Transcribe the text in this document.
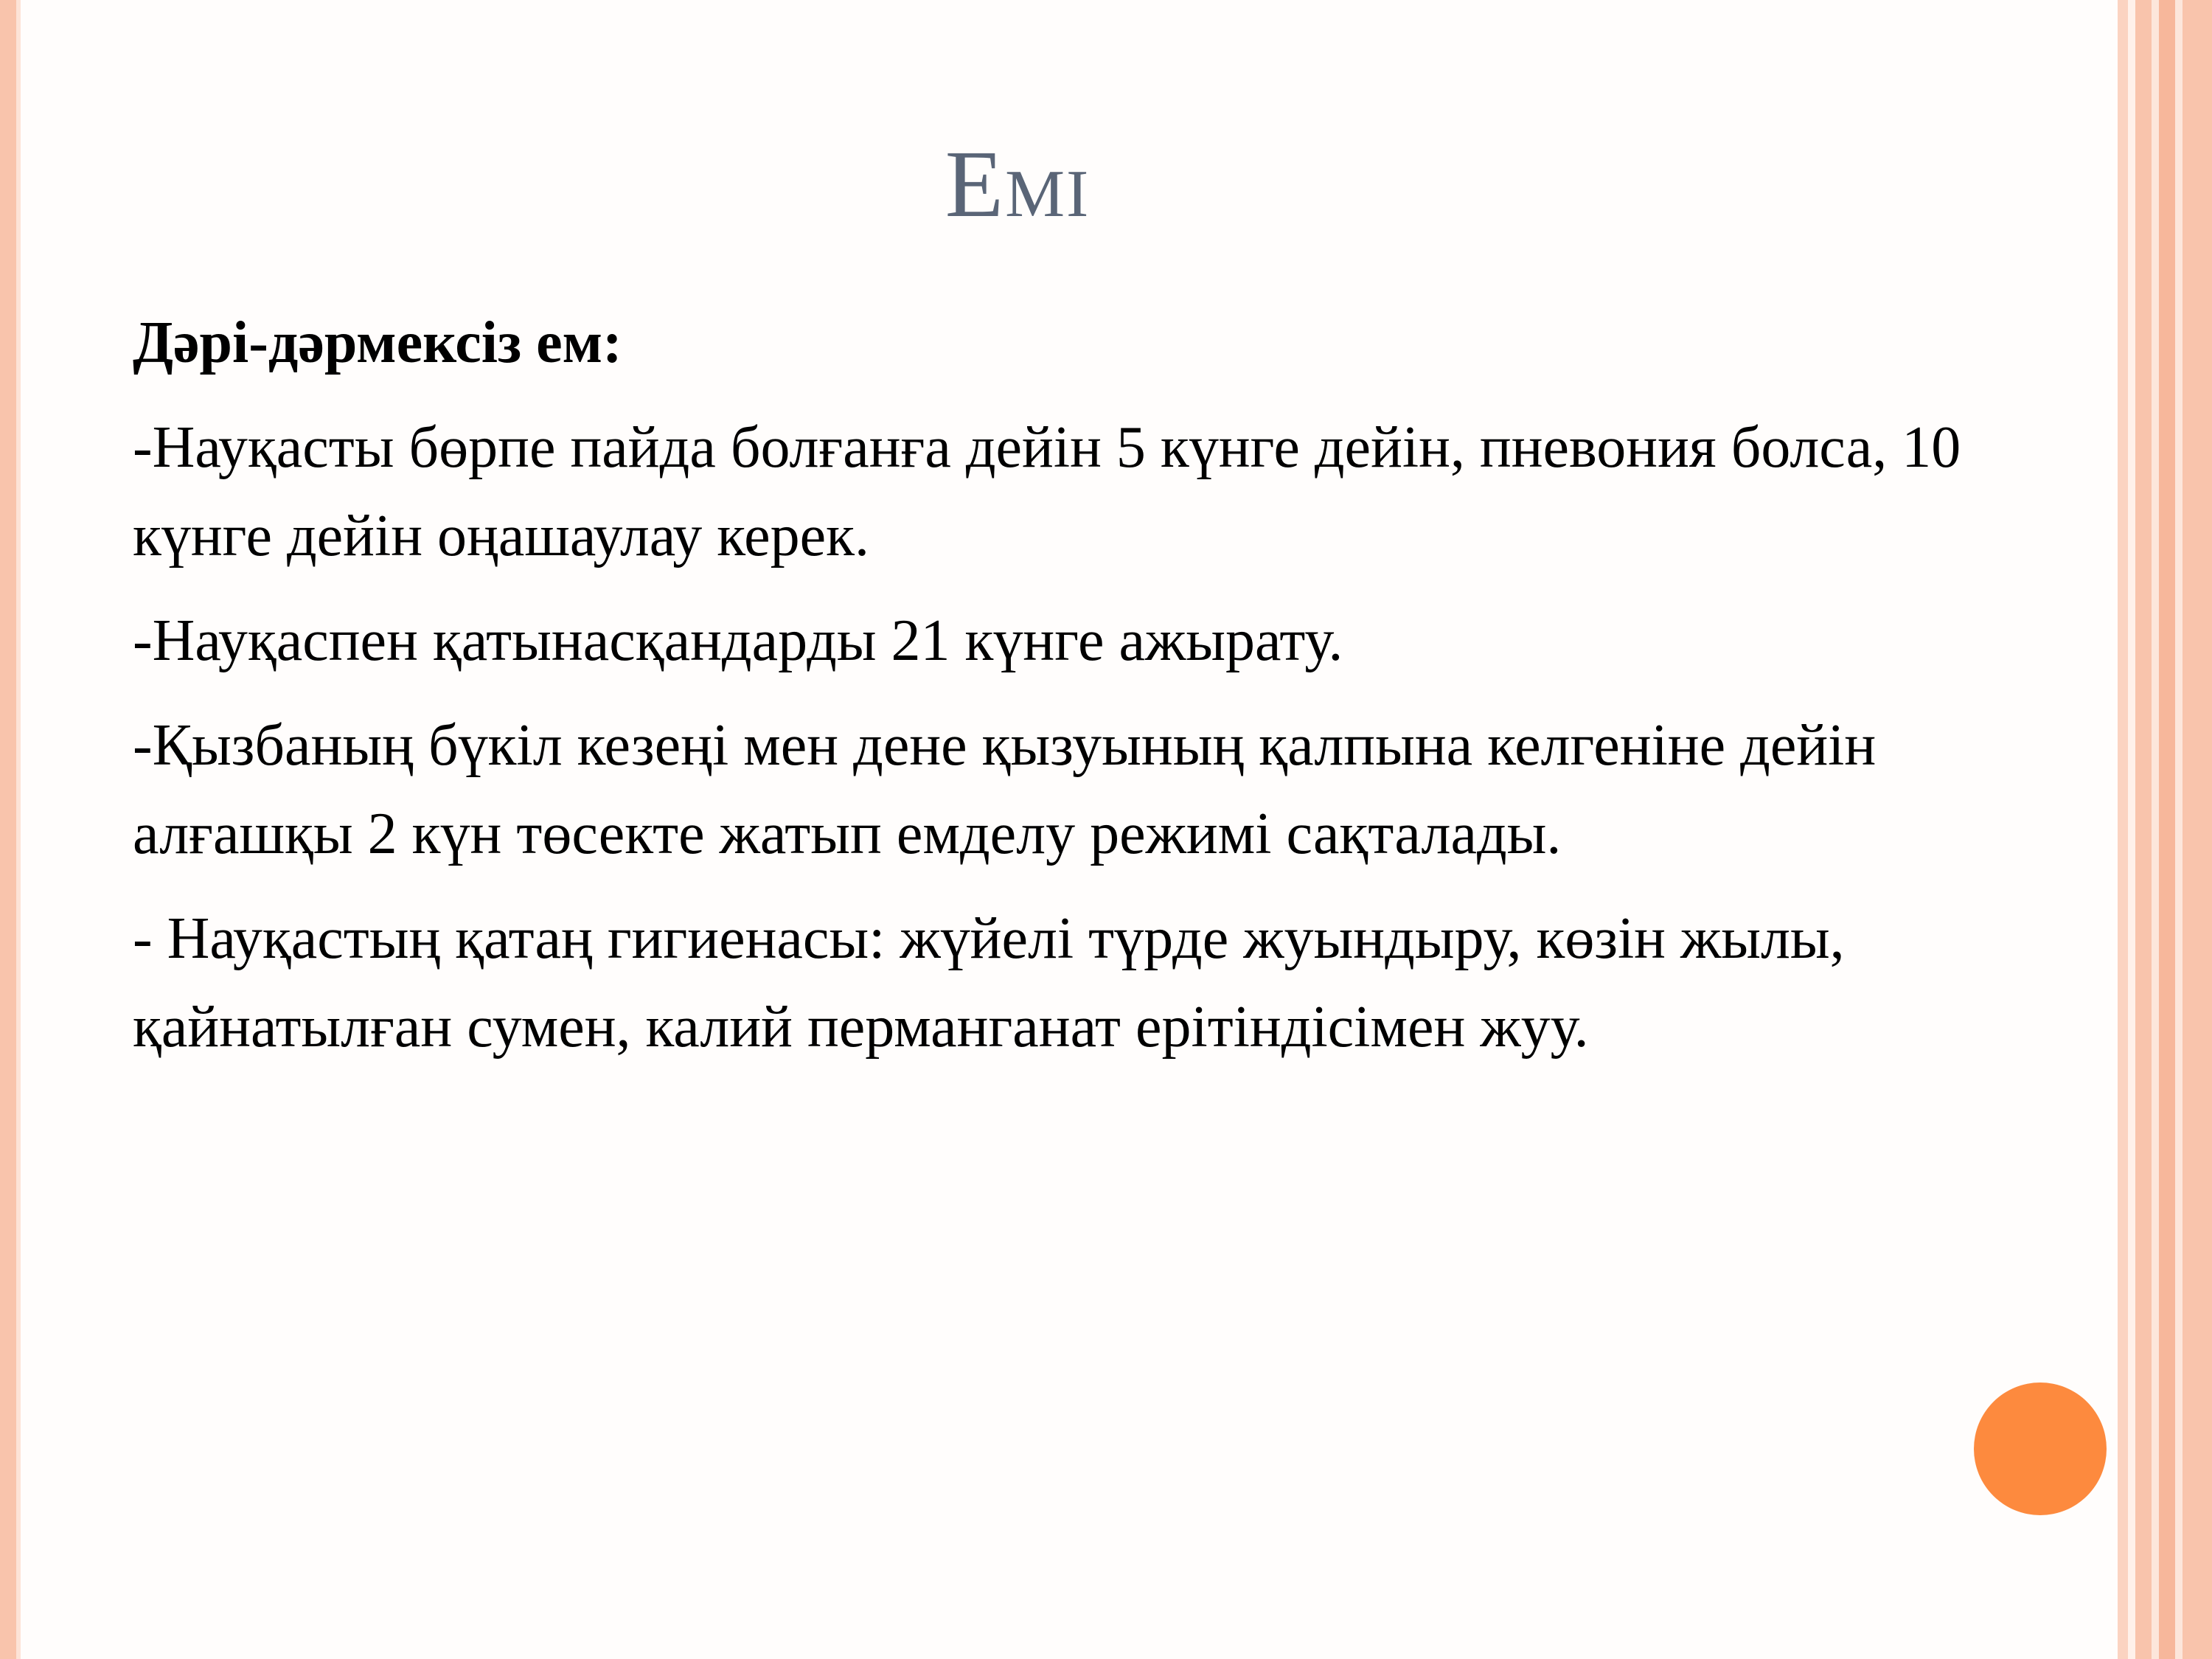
Емі

Дәрі-дәрмексіз ем:

-Науқасты бөрпе пайда болғанға дейін 5 күнге дейін, пневония болса, 10 күнге дейін оңашаулау керек.

-Науқаспен қатынасқандарды 21 күнге ажырату.

-Қызбаның бүкіл кезеңі мен дене қызуының қалпына келгеніне дейін алғашқы 2 күн төсекте жатып емделу режимі сақталады.

- Науқастың қатаң гигиенасы: жүйелі түрде жуындыру, көзін жылы, қайнатылған сумен, калий перманганат ерітіндісімен жуу.
